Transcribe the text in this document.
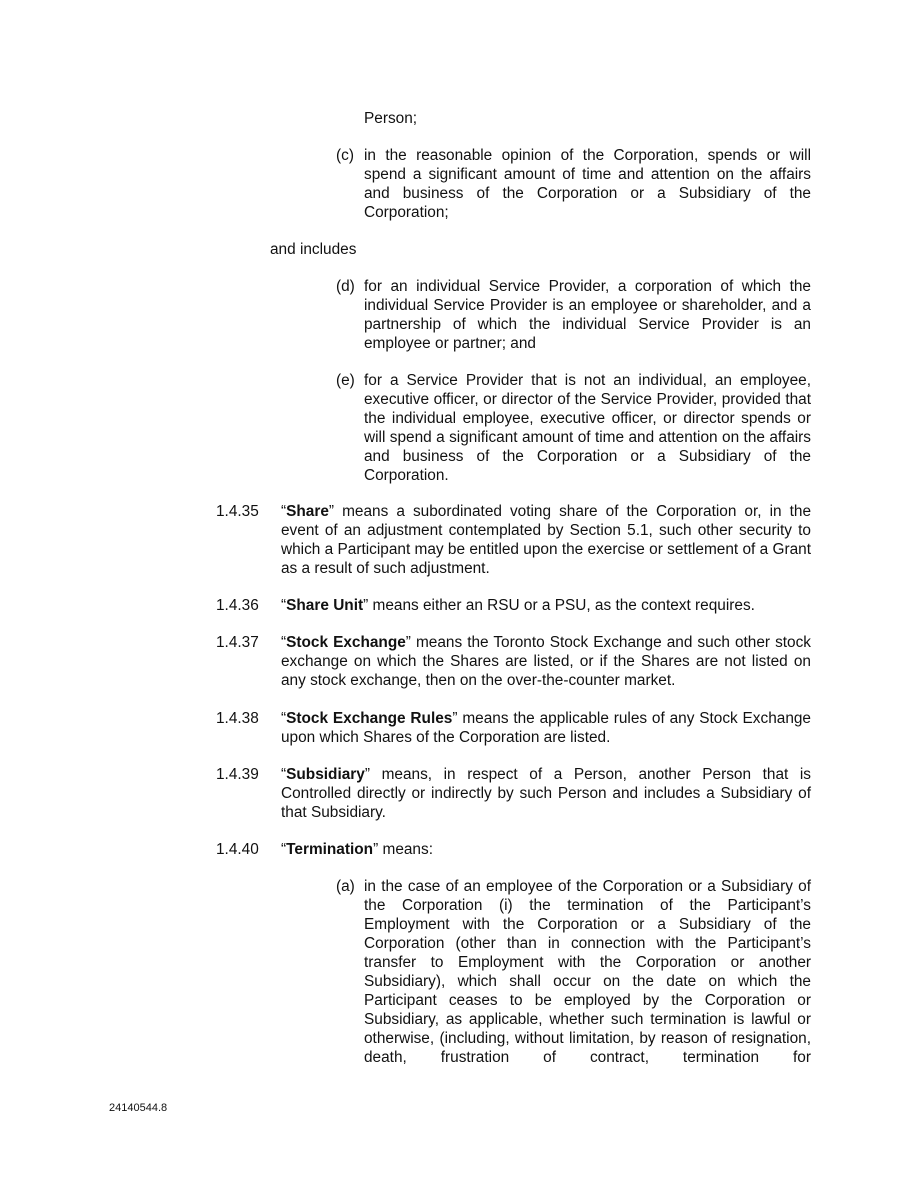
Person;
(c) in the reasonable opinion of the Corporation, spends or will spend a significant amount of time and attention on the affairs and business of the Corporation or a Subsidiary of the Corporation;

and includes
(d) for an individual Service Provider, a corporation of which the individual Service Provider is an employee or shareholder, and a partnership of which the individual Service Provider is an employee or partner; and

(e) for a Service Provider that is not an individual, an employee, executive officer, or director of the Service Provider, provided that the individual employee, executive officer, or director spends or will spend a significant amount of time and attention on the affairs and business of the Corporation or a Subsidiary of the Corporation.

1.4.35 “Share” means a subordinated voting share of the Corporation or, in the event of an adjustment contemplated by Section 5.1, such other security to which a Participant may be entitled upon the exercise or settlement of a Grant as a result of such adjustment.

1.4.36 “Share Unit” means either an RSU or a PSU, as the context requires.

1.4.37 “Stock Exchange” means the Toronto Stock Exchange and such other stock exchange on which the Shares are listed, or if the Shares are not listed on any stock exchange, then on the over-the-counter market.

1.4.38 “Stock Exchange Rules” means the applicable rules of any Stock Exchange upon which Shares of the Corporation are listed.

1.4.39 “Subsidiary” means, in respect of a Person, another Person that is Controlled directly or indirectly by such Person and includes a Subsidiary of that Subsidiary.

1.4.40 “Termination” means:

(a) in the case of an employee of the Corporation or a Subsidiary of the Corporation (i) the termination of the Participant’s Employment with the Corporation or a Subsidiary of the Corporation (other than in connection with the Participant’s transfer to Employment with the Corporation or another Subsidiary), which shall occur on the date on which the Participant ceases to be employed by the Corporation or Subsidiary, as applicable, whether such termination is lawful or otherwise, (including, without limitation, by reason of resignation, death, frustration of contract, termination for

24140544.8
